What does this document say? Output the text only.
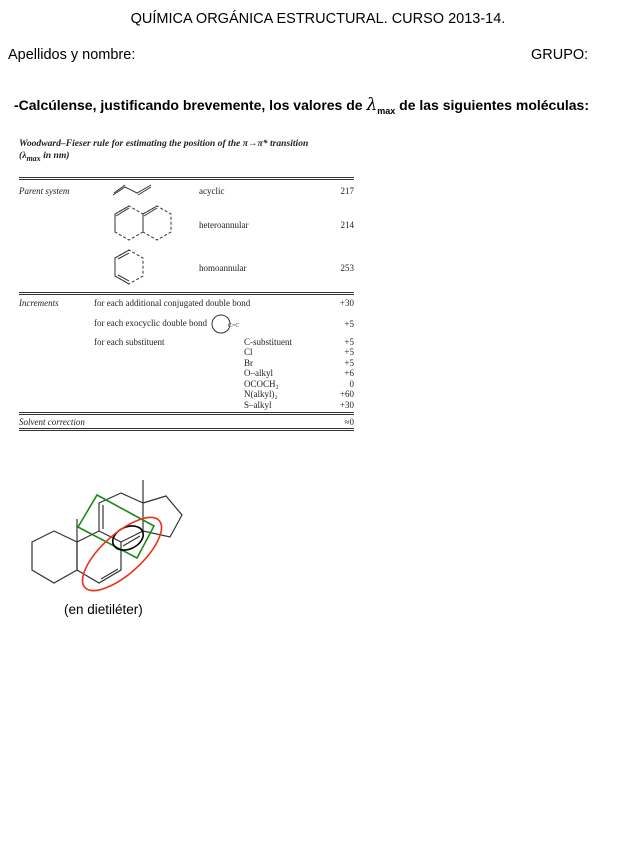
QUÍMICA ORGÁNICA ESTRUCTURAL. CURSO 2013-14.
Apellidos y nombre:	GRUPO:
-Calcúlense, justificando brevemente, los valores de $\lambda_{max}$ de las siguientes moléculas:
Woodward–Fieser rule for estimating the position of the π→π* transition
($\lambda_{max}$ in nm)
Parent system		acyclic	217
		heteroannular	214
		homoannular	253
Increments	for each additional conjugated double bond		+30
	for each exocyclic double bond C=C		+5
	for each substituent	C-substituent	+5
		Cl	+5
		Br	+5
		O–alkyl	+6
		OCOCH₃	0
		N(alkyl)₂	+60
		S–alkyl	+30
Solvent correction	≈0
(en dietiléter)
